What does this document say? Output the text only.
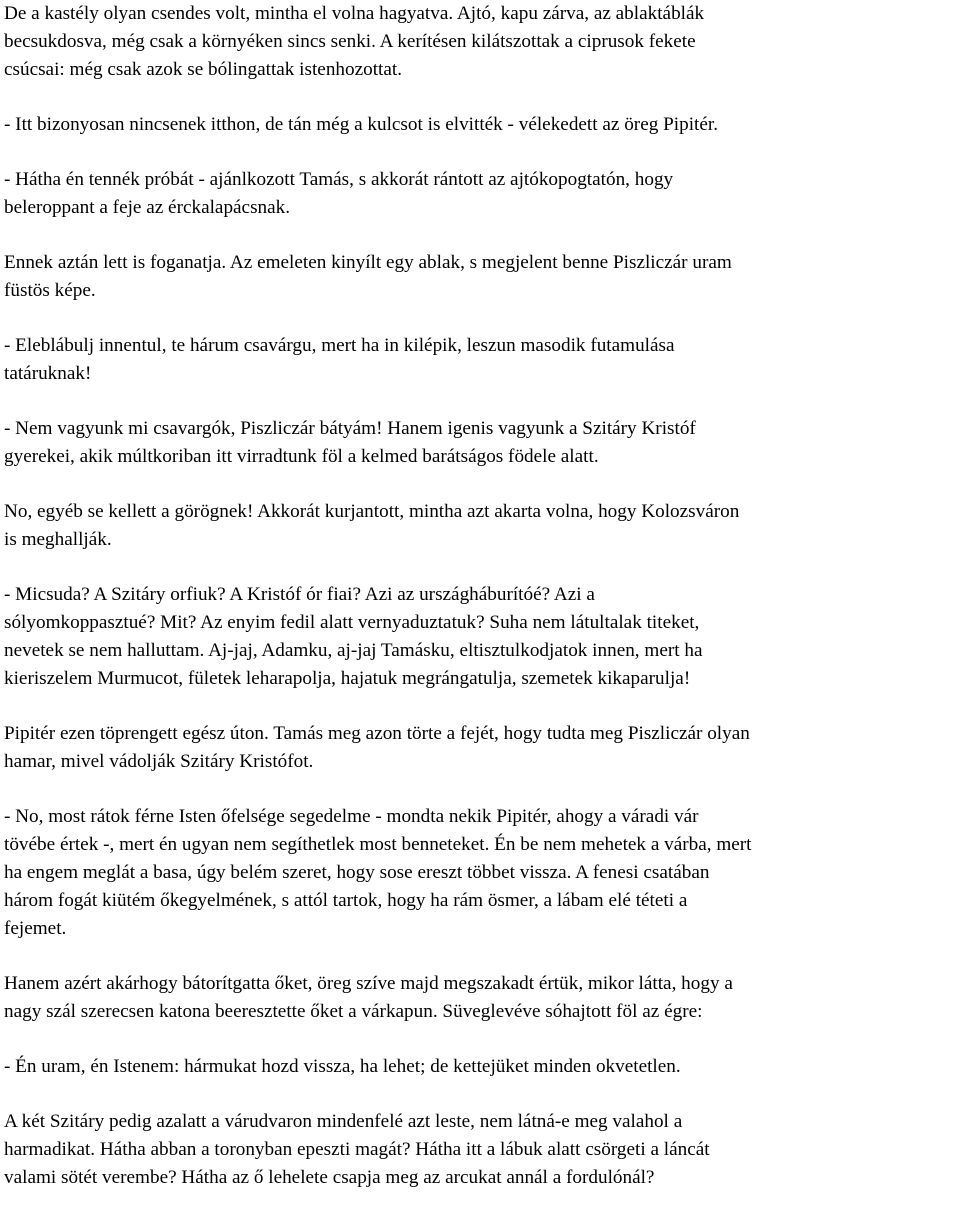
De a kastély olyan csendes volt, mintha el volna hagyatva. Ajtó, kapu zárva, az ablaktáblák
becsukdosva, még csak a környéken sincs senki. A kerítésen kilátszottak a ciprusok fekete
csúcsai: még csak azok se bólingattak istenhozottat.

- Itt bizonyosan nincsenek itthon, de tán még a kulcsot is elvitték - vélekedett az öreg Pipitér.

- Hátha én tennék próbát - ajánlkozott Tamás, s akkorát rántott az ajtókopogtatón, hogy
beleroppant a feje az érckalapácsnak.

Ennek aztán lett is foganatja. Az emeleten kinyílt egy ablak, s megjelent benne Piszliczár uram
füstös képe.

- Eleblábulj innentul, te hárum csavárgu, mert ha in kilépik, leszun masodik futamulása
tatáruknak!

- Nem vagyunk mi csavargók, Piszliczár bátyám! Hanem igenis vagyunk a Szitáry Kristóf
gyerekei, akik múltkoriban itt virradtunk föl a kelmed barátságos födele alatt.

No, egyéb se kellett a görögnek! Akkorát kurjantott, mintha azt akarta volna, hogy Kolozsváron
is meghallják.

- Micsuda? A Szitáry orfiuk? A Kristóf ór fiai? Azi az urszágháburítóé? Azi a
sólyomkoppasztué? Mit? Az enyim fedil alatt vernyaduztatuk? Suha nem látultalak titeket,
nevetek se nem halluttam. Aj-jaj, Adamku, aj-jaj Tamásku, eltisztulkodjatok innen, mert ha
kieriszelem Murmucot, fületek leharapolja, hajatuk megrángatulja, szemetek kikaparulja!

Pipitér ezen töprengett egész úton. Tamás meg azon törte a fejét, hogy tudta meg Piszliczár olyan
hamar, mivel vádolják Szitáry Kristófot.

- No, most rátok férne Isten őfelsége segedelme - mondta nekik Pipitér, ahogy a váradi vár
tövébe értek -, mert én ugyan nem segíthetlek most benneteket. Én be nem mehetek a várba, mert
ha engem meglát a basa, úgy belém szeret, hogy sose ereszt többet vissza. A fenesi csatában
három fogát kiütém őkegyelmének, s attól tartok, hogy ha rám ösmer, a lábam elé téteti a
fejemet.

Hanem azért akárhogy bátorítgatta őket, öreg szíve majd megszakadt értük, mikor látta, hogy a
nagy szál szerecsen katona beeresztette őket a várkapun. Süveglevéve sóhajtott föl az égre:

- Én uram, én Istenem: hármukat hozd vissza, ha lehet; de kettejüket minden okvetetlen.

A két Szitáry pedig azalatt a várudvaron mindenfelé azt leste, nem látná-e meg valahol a
harmadikat. Hátha abban a toronyban epeszti magát? Hátha itt a lábuk alatt csörgeti a láncát
valami sötét verembe? Hátha az ő lehelete csapja meg az arcukat annál a fordulónál?
